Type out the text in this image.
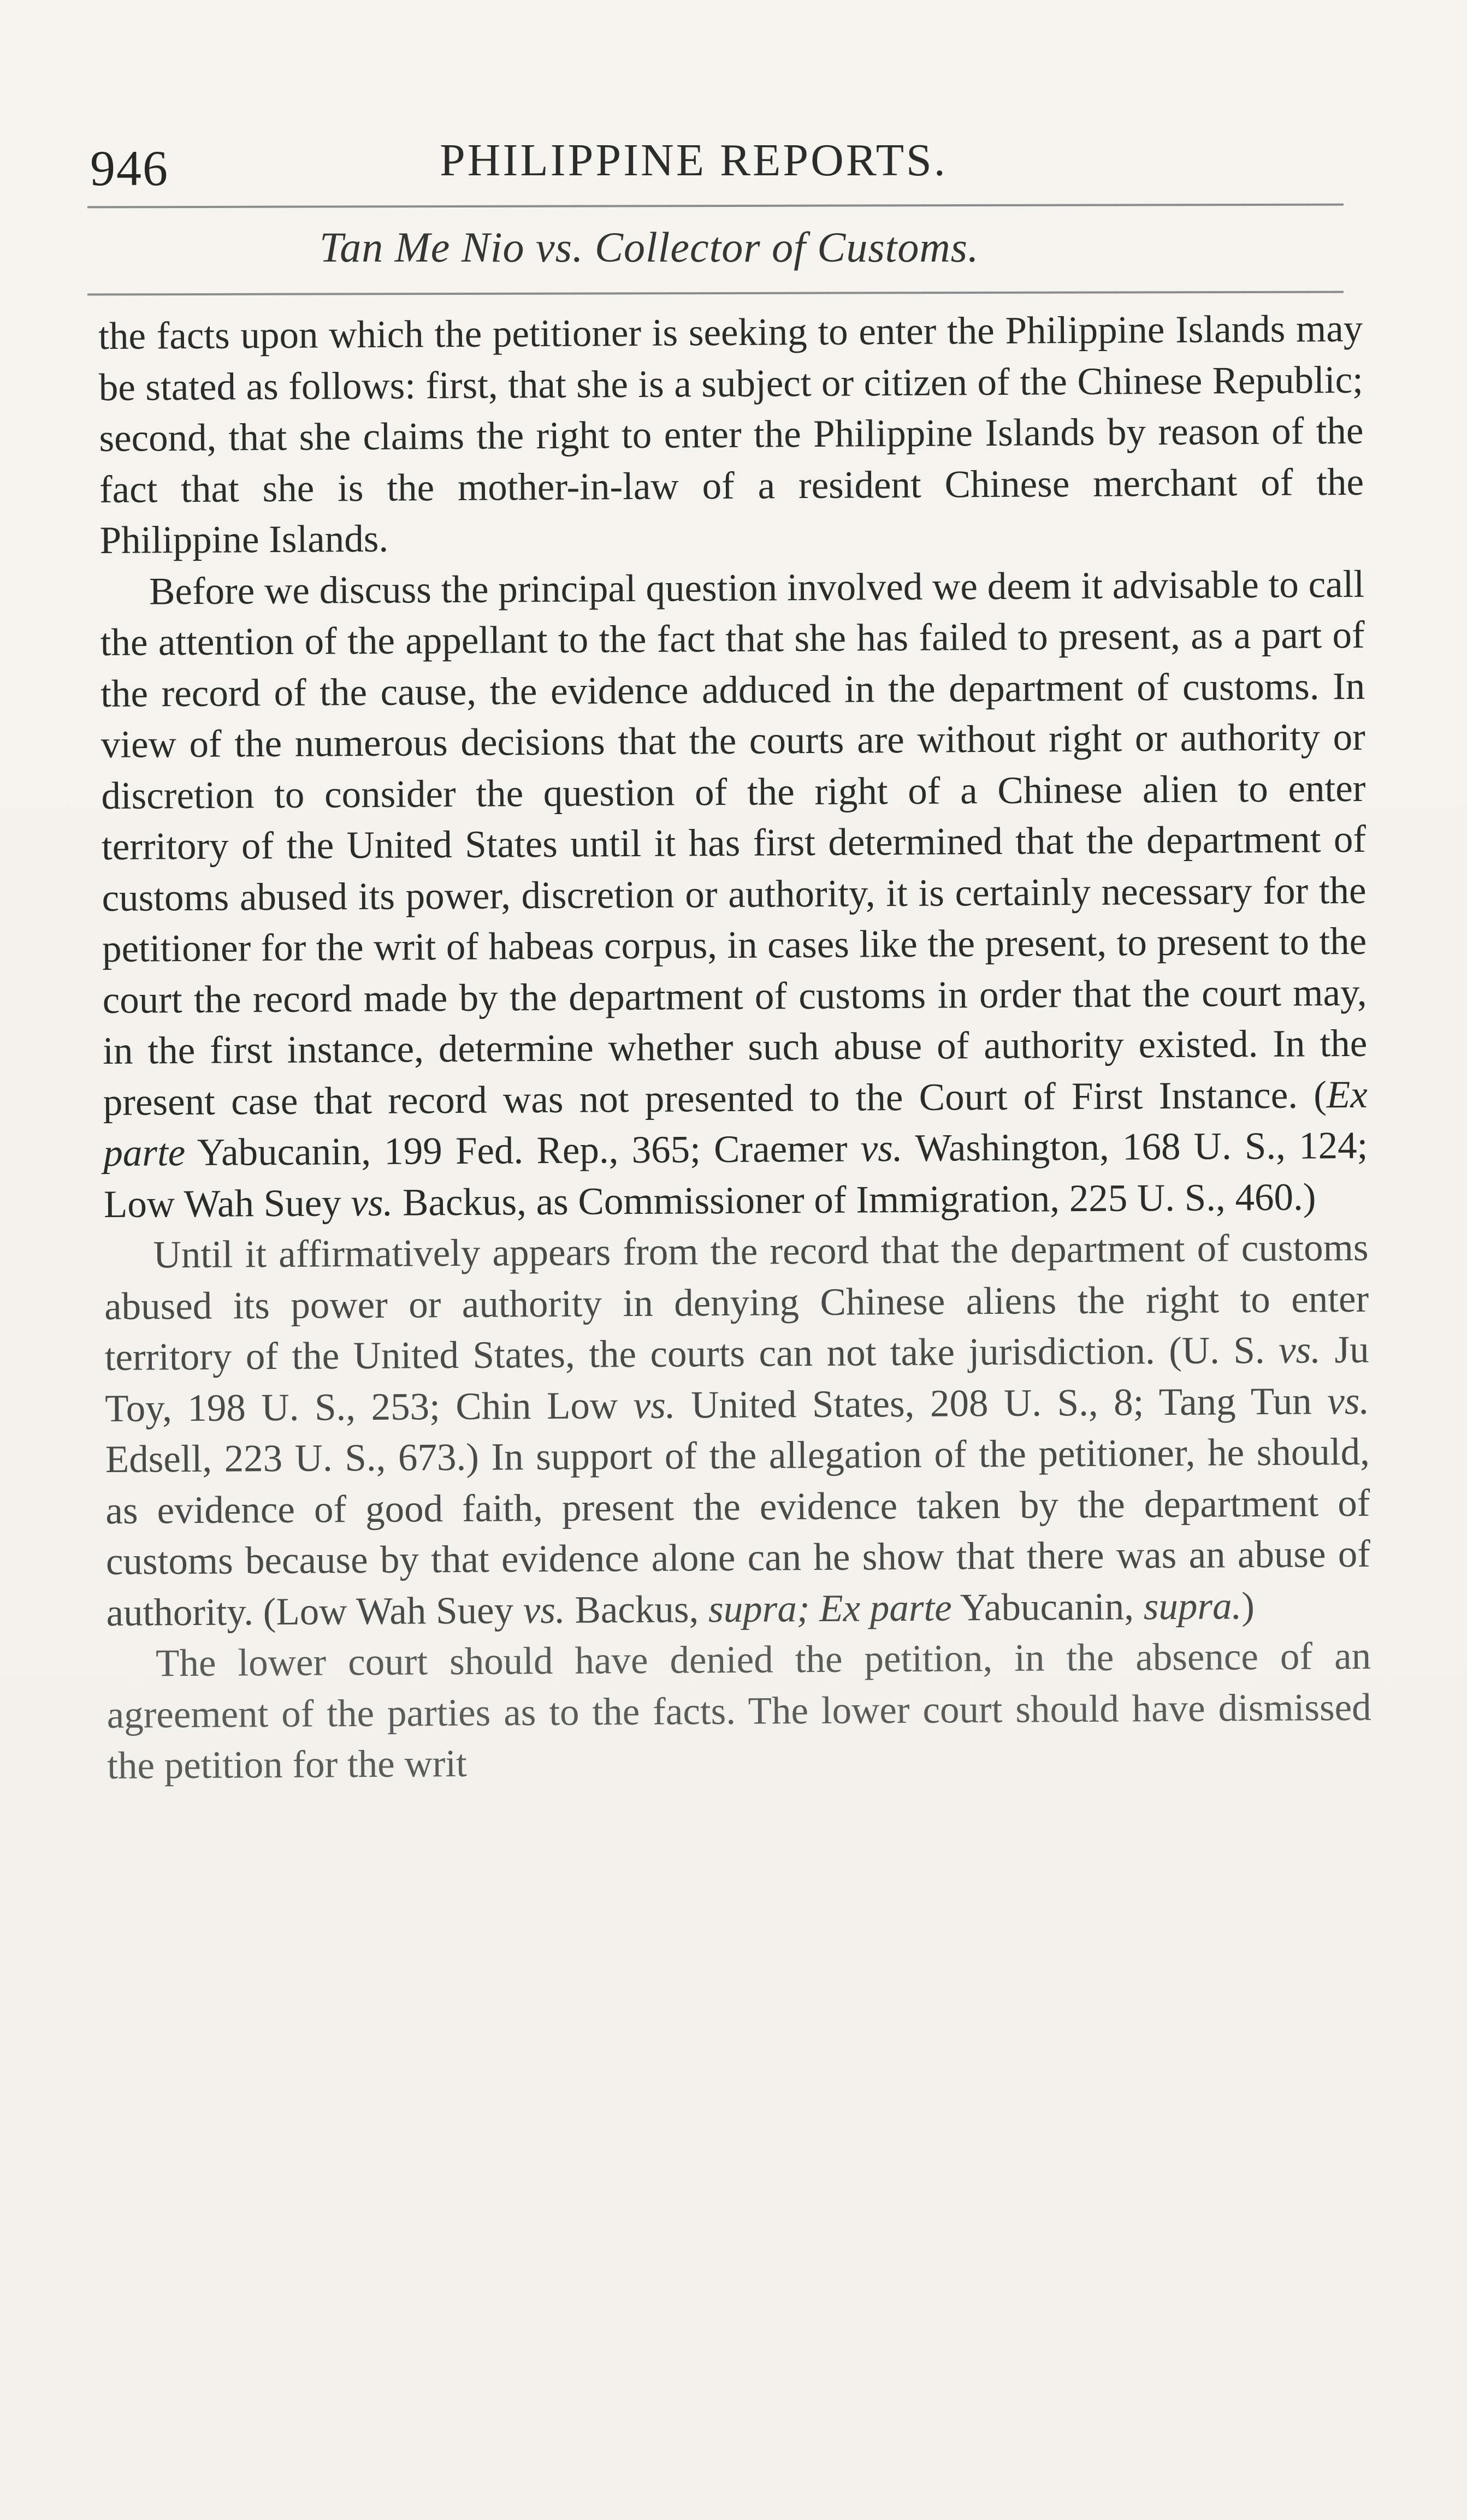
946	PHILIPPINE REPORTS.
Tan Me Nio vs. Collector of Customs.

the facts upon which the petitioner is seeking to enter the Philippine Islands may be stated as follows: first, that she is a subject or citizen of the Chinese Republic; second, that she claims the right to enter the Philippine Islands by reason of the fact that she is the mother-in-law of a resident Chinese merchant of the Philippine Islands.

Before we discuss the principal question involved we deem it advisable to call the attention of the appellant to the fact that she has failed to present, as a part of the record of the cause, the evidence adduced in the department of customs. In view of the numerous decisions that the courts are without right or authority or discretion to consider the question of the right of a Chinese alien to enter territory of the United States until it has first determined that the department of customs abused its power, discretion or authority, it is certainly necessary for the petitioner for the writ of habeas corpus, in cases like the present, to present to the court the record made by the department of customs in order that the court may, in the first instance, determine whether such abuse of authority existed. In the present case that record was not presented to the Court of First Instance. (Ex parte Yabucanin, 199 Fed. Rep., 365; Craemer vs. Washington, 168 U. S., 124; Low Wah Suey vs. Backus, as Commissioner of Immigration, 225 U. S., 460.)

Until it affirmatively appears from the record that the department of customs abused its power or authority in denying Chinese aliens the right to enter territory of the United States, the courts can not take jurisdiction. (U. S. vs. Ju Toy, 198 U. S., 253; Chin Low vs. United States, 208 U. S., 8; Tang Tun vs. Edsell, 223 U. S., 673.) In support of the allegation of the petitioner, he should, as evidence of good faith, present the evidence taken by the department of customs because by that evidence alone can he show that there was an abuse of authority. (Low Wah Suey vs. Backus, supra; Ex parte Yabucanin, supra.)

The lower court should have denied the petition, in the absence of an agreement of the parties as to the facts. The lower court should have dismissed the petition for the writ
